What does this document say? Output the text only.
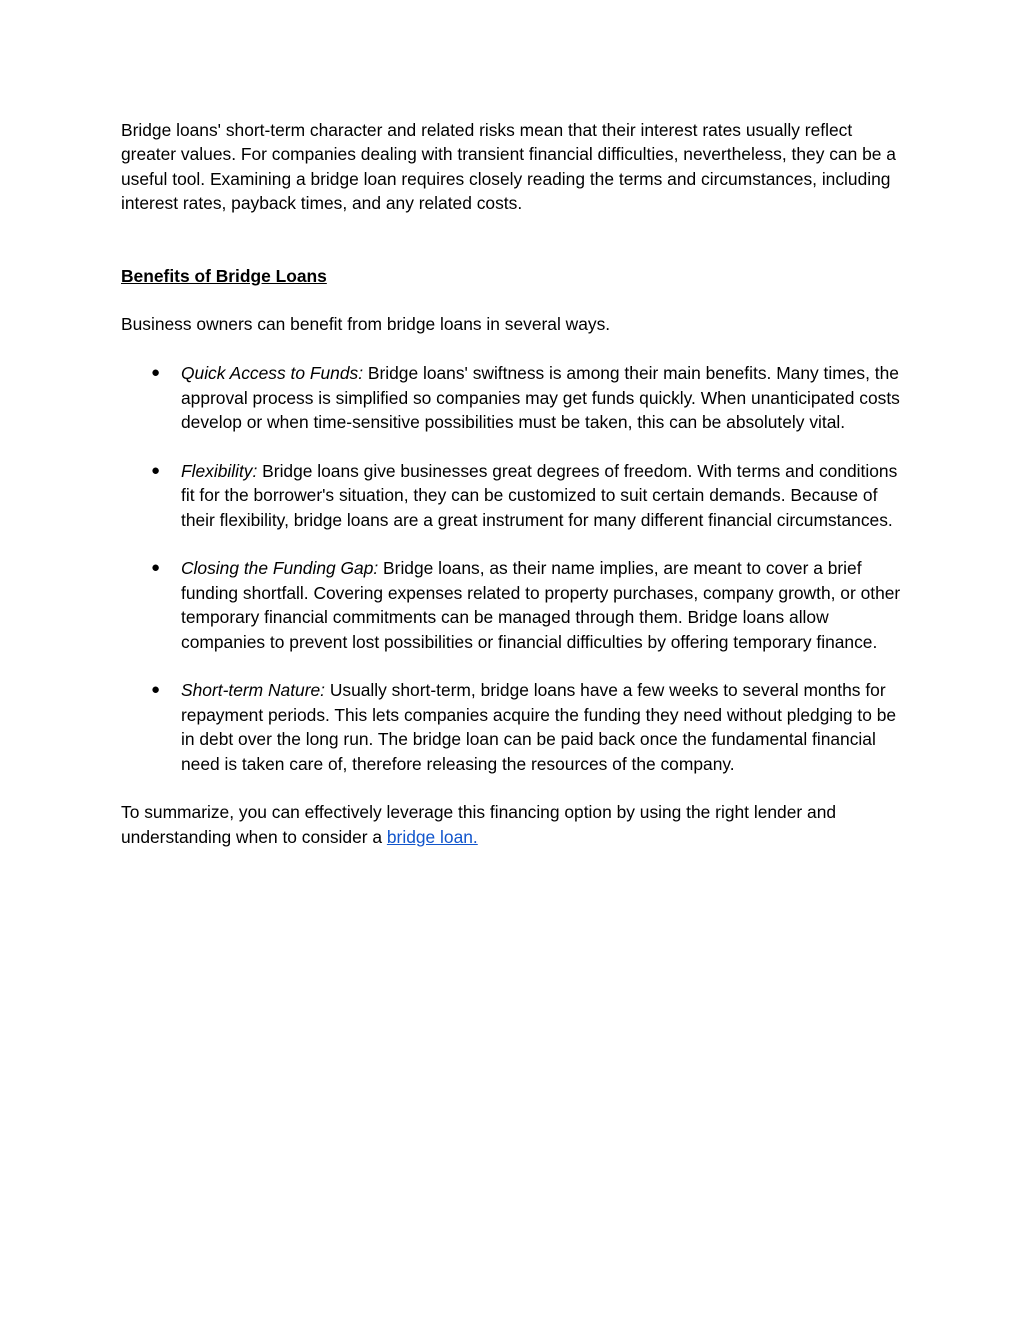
Bridge loans' short-term character and related risks mean that their interest rates usually reflect greater values. For companies dealing with transient financial difficulties, nevertheless, they can be a useful tool. Examining a bridge loan requires closely reading the terms and circumstances, including interest rates, payback times, and any related costs.

Benefits of Bridge Loans

Business owners can benefit from bridge loans in several ways.

● Quick Access to Funds: Bridge loans' swiftness is among their main benefits. Many times, the approval process is simplified so companies may get funds quickly. When unanticipated costs develop or when time-sensitive possibilities must be taken, this can be absolutely vital.
● Flexibility: Bridge loans give businesses great degrees of freedom. With terms and conditions fit for the borrower's situation, they can be customized to suit certain demands. Because of their flexibility, bridge loans are a great instrument for many different financial circumstances.
● Closing the Funding Gap: Bridge loans, as their name implies, are meant to cover a brief funding shortfall. Covering expenses related to property purchases, company growth, or other temporary financial commitments can be managed through them. Bridge loans allow companies to prevent lost possibilities or financial difficulties by offering temporary finance.
● Short-term Nature: Usually short-term, bridge loans have a few weeks to several months for repayment periods. This lets companies acquire the funding they need without pledging to be in debt over the long run. The bridge loan can be paid back once the fundamental financial need is taken care of, therefore releasing the resources of the company.

To summarize, you can effectively leverage this financing option by using the right lender and understanding when to consider a bridge loan.
